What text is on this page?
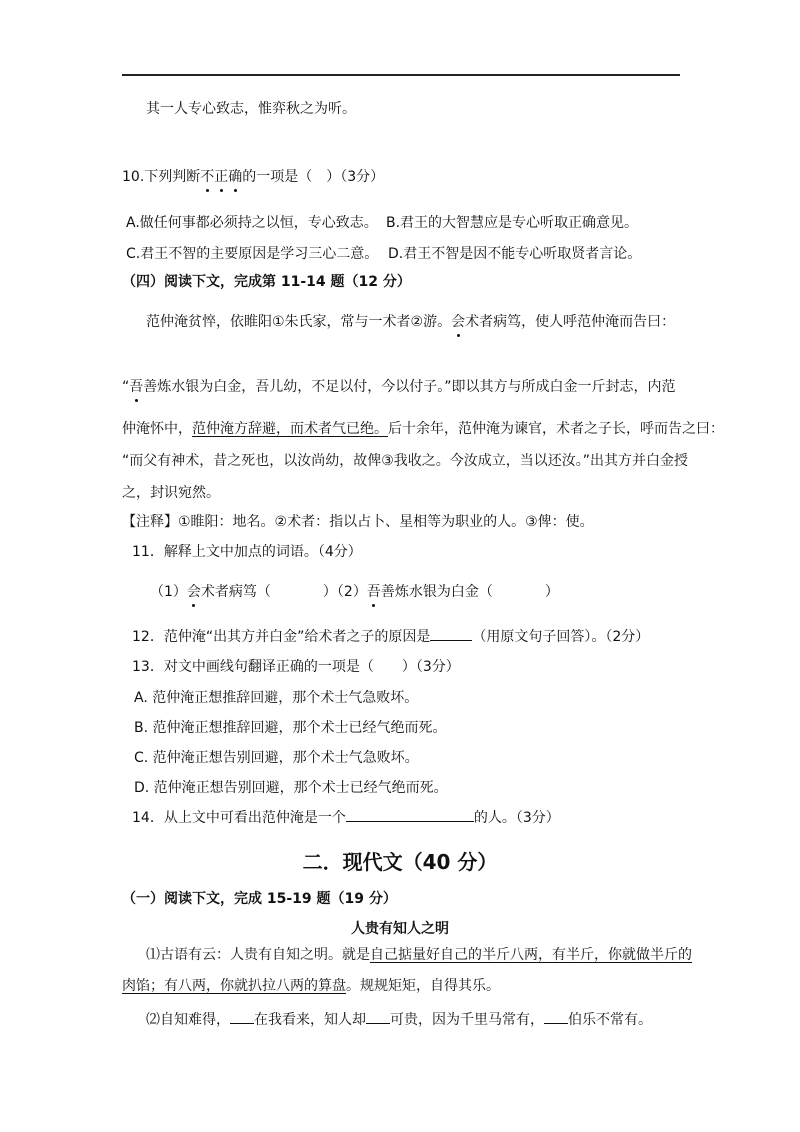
其一人专心致志，惟弈秋之为听。
10.下列判断不正确的一项是（　）（3分）
A.做任何事都必须持之以恒，专心致志。 B.君王的大智慧应是专心听取正确意见。
C.君王不智的主要原因是学习三心二意。 D.君王不智是因不能专心听取贤者言论。
（四）阅读下文，完成第 11-14 题（12 分）
范仲淹贫悴，依睢阳①朱氏家，常与一术者②游。会术者病笃，使人呼范仲淹而告曰：
“吾善炼水银为白金，吾儿幼，不足以付，今以付子。”即以其方与所成白金一斤封志，内范
仲淹怀中，范仲淹方辞避，而术者气已绝。后十余年，范仲淹为谏官，术者之子长，呼而告之曰：
“而父有神术，昔之死也，以汝尚幼，故俾③我收之。今汝成立，当以还汝。”出其方并白金授
之，封识宛然。
【注释】①睢阳：地名。②术者：指以占卜、星相等为职业的人。③俾：使。
11．解释上文中加点的词语。（4分）
（1）会术者病笃（	）（2）吾善炼水银为白金（	）
12．范仲淹“出其方并白金”给术者之子的原因是	（用原文句子回答）。（2分）
13．对文中画线句翻译正确的一项是（　　）（3分）
A. 范仲淹正想推辞回避，那个术士气急败坏。
B. 范仲淹正想推辞回避，那个术士已经气绝而死。
C. 范仲淹正想告别回避，那个术士气急败坏。
D. 范仲淹正想告别回避，那个术士已经气绝而死。
14．从上文中可看出范仲淹是一个	的人。（3分）
二．现代文（40 分）
（一）阅读下文，完成 15-19 题（19 分）
人贵有知人之明
⑴古语有云：人贵有自知之明。就是自己掂量好自己的半斤八两，有半斤，你就做半斤的
肉馅；有八两，你就扒拉八两的算盘。规规矩矩，自得其乐。
⑵自知难得， 在我看来，知人却 可贵，因为千里马常有， 伯乐不常有。
